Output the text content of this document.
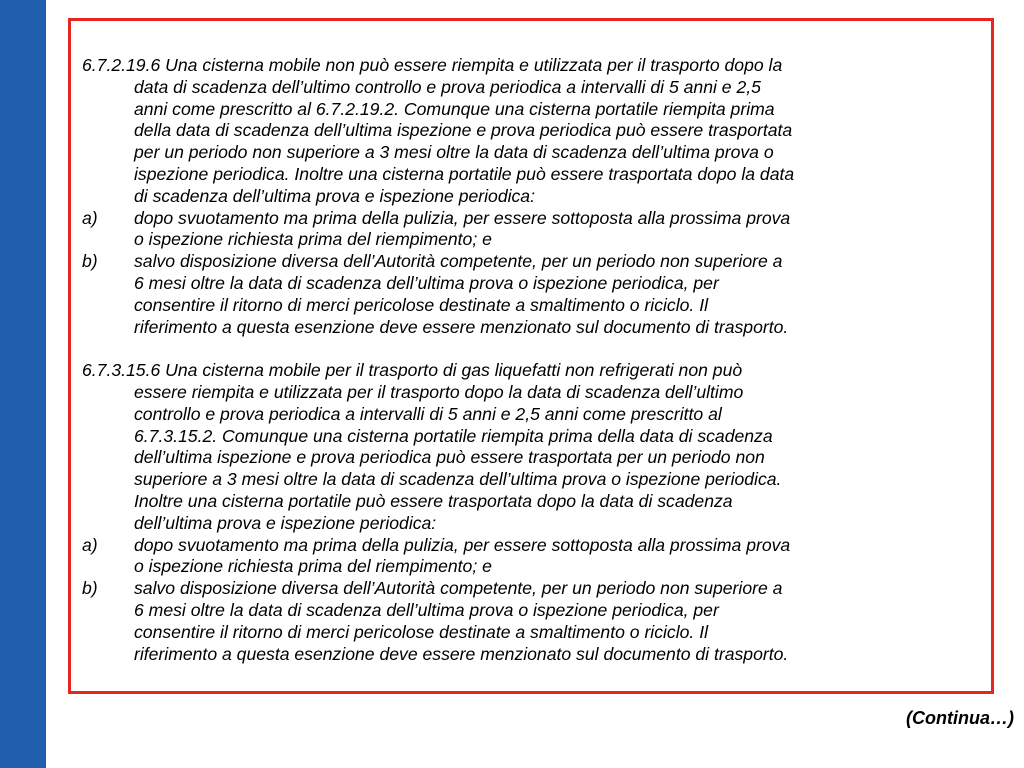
6.7.2.19.6 Una cisterna mobile non può essere riempita e utilizzata per il trasporto dopo la
data di scadenza dell’ultimo controllo e prova periodica a intervalli di 5 anni e 2,5
anni come prescritto al 6.7.2.19.2. Comunque una cisterna portatile riempita prima
della data di scadenza dell’ultima ispezione e prova periodica può essere trasportata
per un periodo non superiore a 3 mesi oltre la data di scadenza dell’ultima prova o
ispezione periodica. Inoltre una cisterna portatile può essere trasportata dopo la data
di scadenza dell’ultima prova e ispezione periodica:
a) dopo svuotamento ma prima della pulizia, per essere sottoposta alla prossima prova
o ispezione richiesta prima del riempimento; e
b) salvo disposizione diversa dell’Autorità competente, per un periodo non superiore a
6 mesi oltre la data di scadenza dell’ultima prova o ispezione periodica, per
consentire il ritorno di merci pericolose destinate a smaltimento o riciclo. Il
riferimento a questa esenzione deve essere menzionato sul documento di trasporto.
6.7.3.15.6 Una cisterna mobile per il trasporto di gas liquefatti non refrigerati non può
essere riempita e utilizzata per il trasporto dopo la data di scadenza dell’ultimo
controllo e prova periodica a intervalli di 5 anni e 2,5 anni come prescritto al
6.7.3.15.2. Comunque una cisterna portatile riempita prima della data di scadenza
dell’ultima ispezione e prova periodica può essere trasportata per un periodo non
superiore a 3 mesi oltre la data di scadenza dell’ultima prova o ispezione periodica.
Inoltre una cisterna portatile può essere trasportata dopo la data di scadenza
dell’ultima prova e ispezione periodica:
a) dopo svuotamento ma prima della pulizia, per essere sottoposta alla prossima prova
o ispezione richiesta prima del riempimento; e
b) salvo disposizione diversa dell’Autorità competente, per un periodo non superiore a
6 mesi oltre la data di scadenza dell’ultima prova o ispezione periodica, per
consentire il ritorno di merci pericolose destinate a smaltimento o riciclo. Il
riferimento a questa esenzione deve essere menzionato sul documento di trasporto.
(Continua…)
